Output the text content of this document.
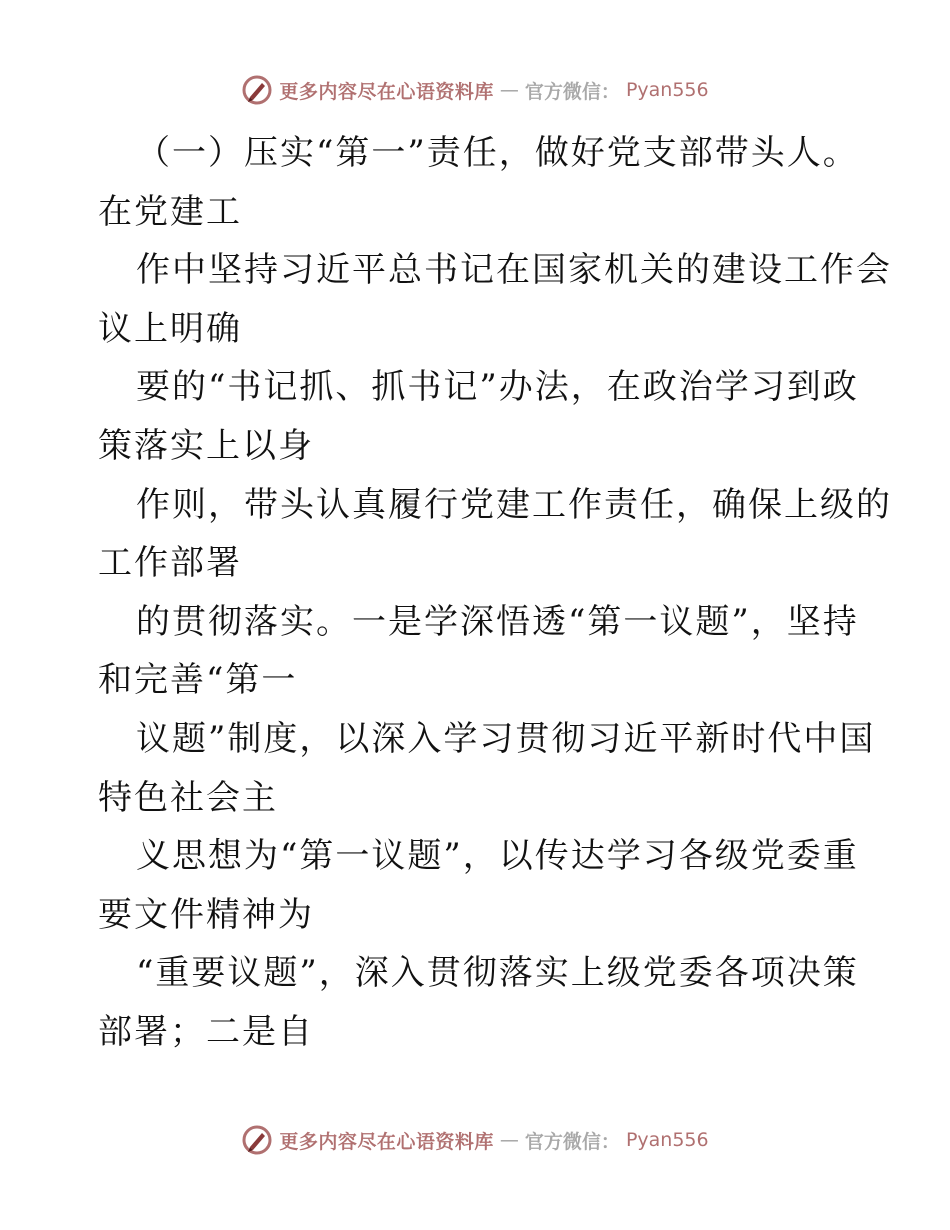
更多内容尽在心语资料库 — 官方微信： Pyan556
（一）压实“第一”责任，做好党支部带头人。
在党建工
作中坚持习近平总书记在国家机关的建设工作会
议上明确
要的“书记抓、抓书记”办法，在政治学习到政
策落实上以身
作则，带头认真履行党建工作责任，确保上级的
工作部署
的贯彻落实。一是学深悟透“第一议题”，坚持
和完善“第一
议题”制度，以深入学习贯彻习近平新时代中国
特色社会主
义思想为“第一议题”，以传达学习各级党委重
要文件精神为
“重要议题”，深入贯彻落实上级党委各项决策
部署；二是自
更多内容尽在心语资料库 — 官方微信： Pyan556
